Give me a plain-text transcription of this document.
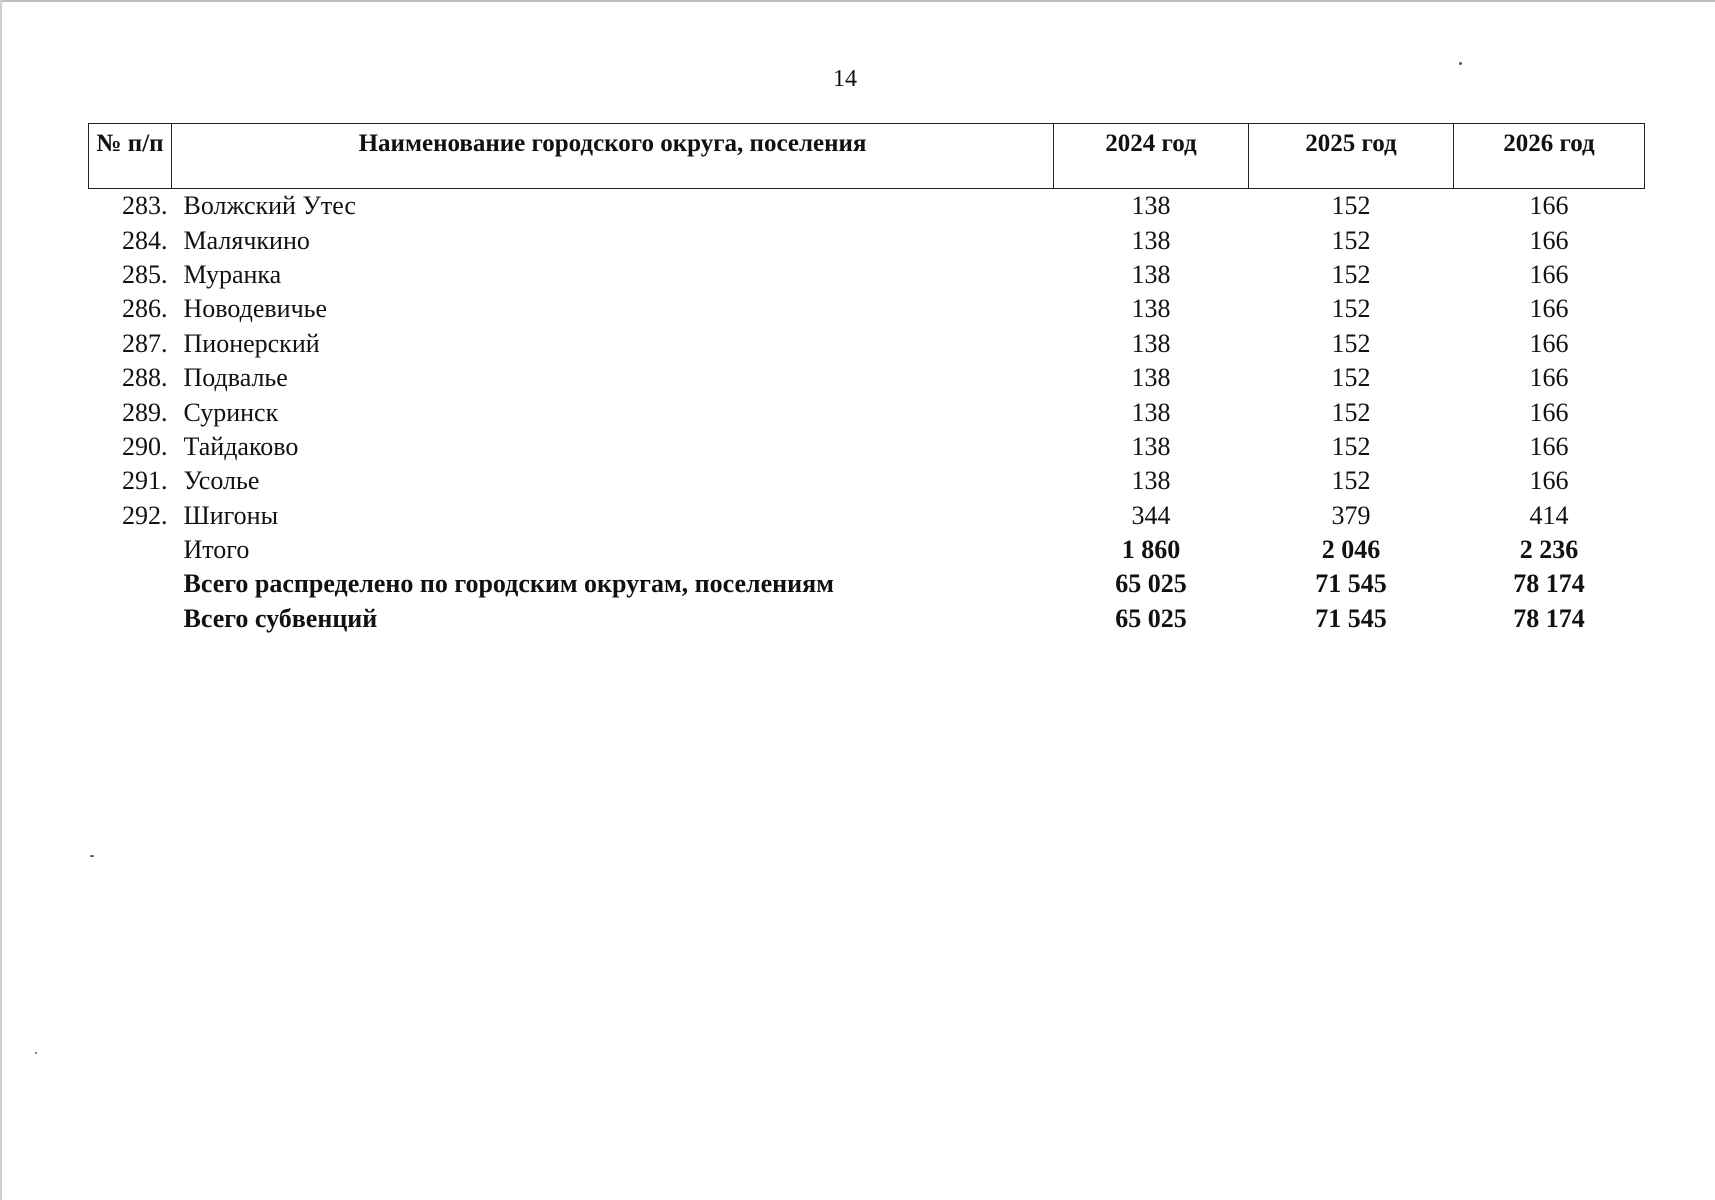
14
№ п/п	Наименование городского округа, поселения	2024 год	2025 год	2026 год
283.	Волжский Утес	138	152	166
284.	Малячкино	138	152	166
285.	Муранка	138	152	166
286.	Новодевичье	138	152	166
287.	Пионерский	138	152	166
288.	Подвалье	138	152	166
289.	Суринск	138	152	166
290.	Тайдаково	138	152	166
291.	Усолье	138	152	166
292.	Шигоны	344	379	414
	Итого	1 860	2 046	2 236
	Всего распределено по городским округам, поселениям	65 025	71 545	78 174
	Всего субвенций	65 025	71 545	78 174
